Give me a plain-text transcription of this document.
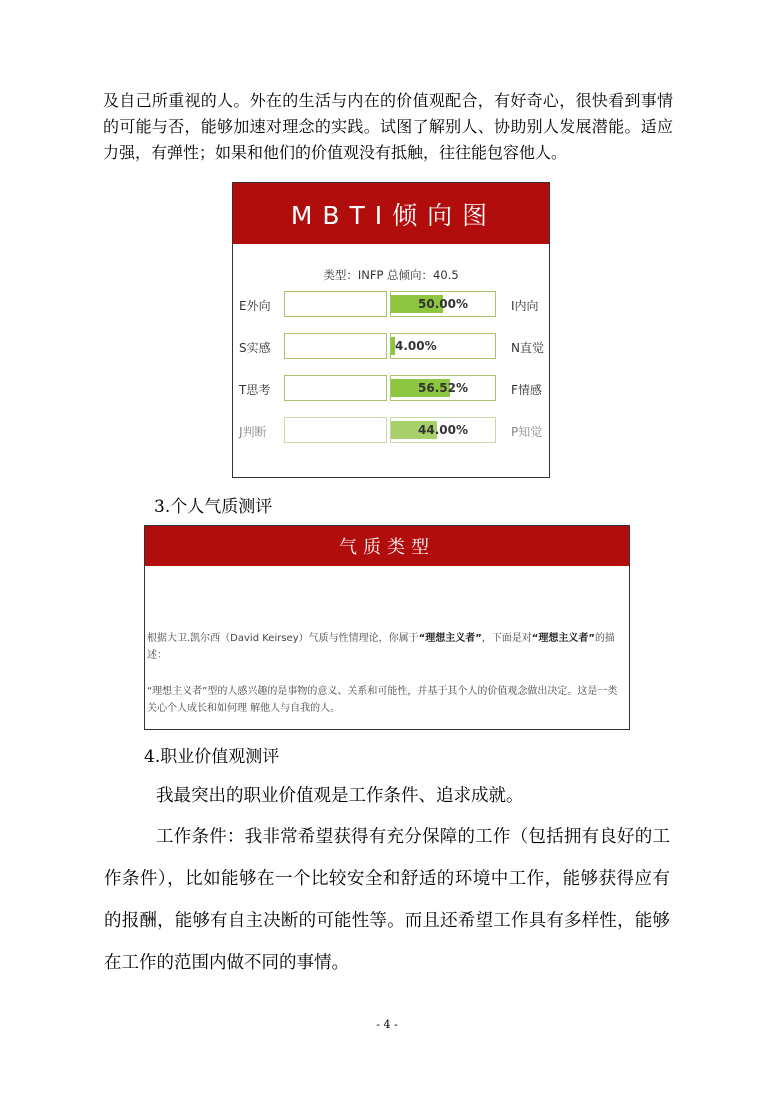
及自己所重视的人。外在的生活与内在的价值观配合，有好奇心，很快看到事情的可能与否，能够加速对理念的实践。试图了解别人、协助别人发展潜能。适应力强，有弹性；如果和他们的价值观没有抵触，往往能包容他人。

MBTI倾向图
类型：INFP 总倾向：40.5
E外向	50.00%	I内向
S实感	4.00%	N直觉
T思考	56.52%	F情感
J判断	44.00%	P知觉
3.个人气质测评
气质类型

根据大卫.凯尔西（David Keirsey）气质与性情理论，你属于“理想主义者”，下面是对“理想主义者”的描述：

“理想主义者”型的人感兴趣的是事物的意义、关系和可能性，并基于其个人的价值观念做出决定。这是一类关心个人成长和如何理 解他人与自我的人。

4.职业价值观测评

我最突出的职业价值观是工作条件、追求成就。

工作条件：我非常希望获得有充分保障的工作（包括拥有良好的工作条件），比如能够在一个比较安全和舒适的环境中工作，能够获得应有的报酬，能够有自主决断的可能性等。而且还希望工作具有多样性，能够在工作的范围内做不同的事情。

- 4 -
